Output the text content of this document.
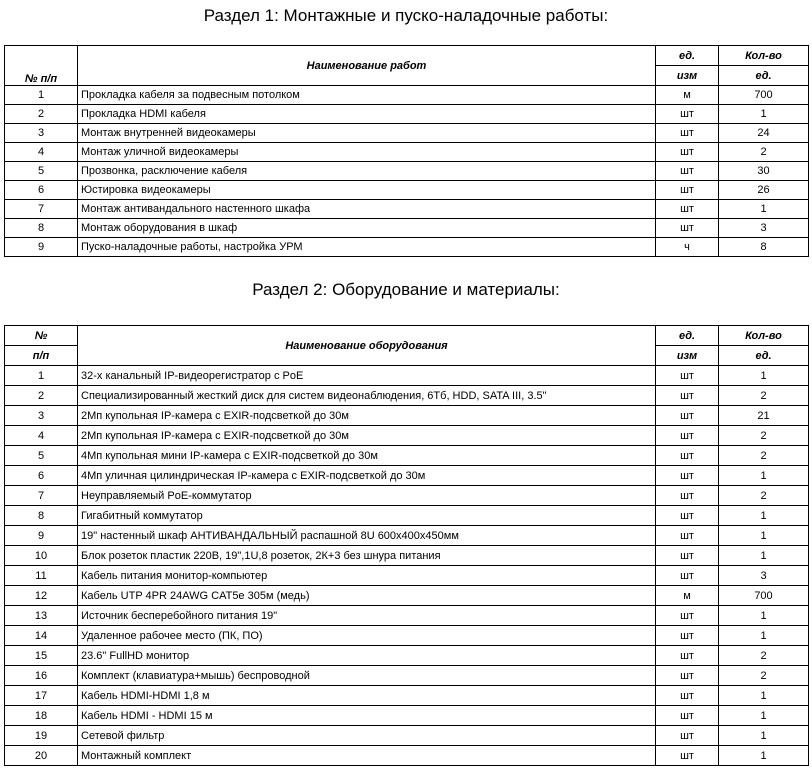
Раздел 1: Монтажные и пуско-наладочные работы:
№ п/п	Наименование работ	ед.	Кол-во
		изм	ед.
1	Прокладка кабеля за подвесным потолком	м	700
2	Прокладка HDMI кабеля	шт	1
3	Монтаж внутренней видеокамеры	шт	24
4	Монтаж уличной видеокамеры	шт	2
5	Прозвонка, расключение кабеля	шт	30
6	Юстировка видеокамеры	шт	26
7	Монтаж антивандального настенного шкафа	шт	1
8	Монтаж оборудования в шкаф	шт	3
9	Пуско-наладочные работы, настройка УРМ	ч	8
Раздел 2: Оборудование и материалы:
№	Наименование оборудования	ед.	Кол-во
п/п		изм	ед.
1	32-х канальный IP-видеорегистратор с PoE	шт	1
2	Специализированный жесткий диск для систем видеонаблюдения, 6Тб, HDD, SATA III, 3.5"	шт	2
3	2Мп купольная IP-камера с EXIR-подсветкой до 30м	шт	21
4	2Мп купольная IP-камера с EXIR-подсветкой до 30м	шт	2
5	4Мп купольная мини IP-камера с EXIR-подсветкой до 30м	шт	2
6	4Мп уличная цилиндрическая IP-камера с EXIR-подсветкой до 30м	шт	1
7	Неуправляемый PoE-коммутатор	шт	2
8	Гигабитный коммутатор	шт	1
9	19" настенный шкаф АНТИВАНДАЛЬНЫЙ распашной 8U 600х400х450мм	шт	1
10	Блок розеток пластик 220В, 19",1U,8 розеток, 2К+3 без шнура питания	шт	1
11	Кабель питания монитор-компьютер	шт	3
12	Кабель UTP 4PR 24AWG CAT5e 305м (медь)	м	700
13	Источник бесперебойного питания 19"	шт	1
14	Удаленное рабочее место (ПК, ПО)	шт	1
15	23.6" FullHD монитор	шт	2
16	Комплект (клавиатура+мышь) беспроводной	шт	2
17	Кабель HDMI-HDMI 1,8 м	шт	1
18	Кабель HDMI - HDMI 15 м	шт	1
19	Сетевой фильтр	шт	1
20	Монтажный комплект	шт	1
